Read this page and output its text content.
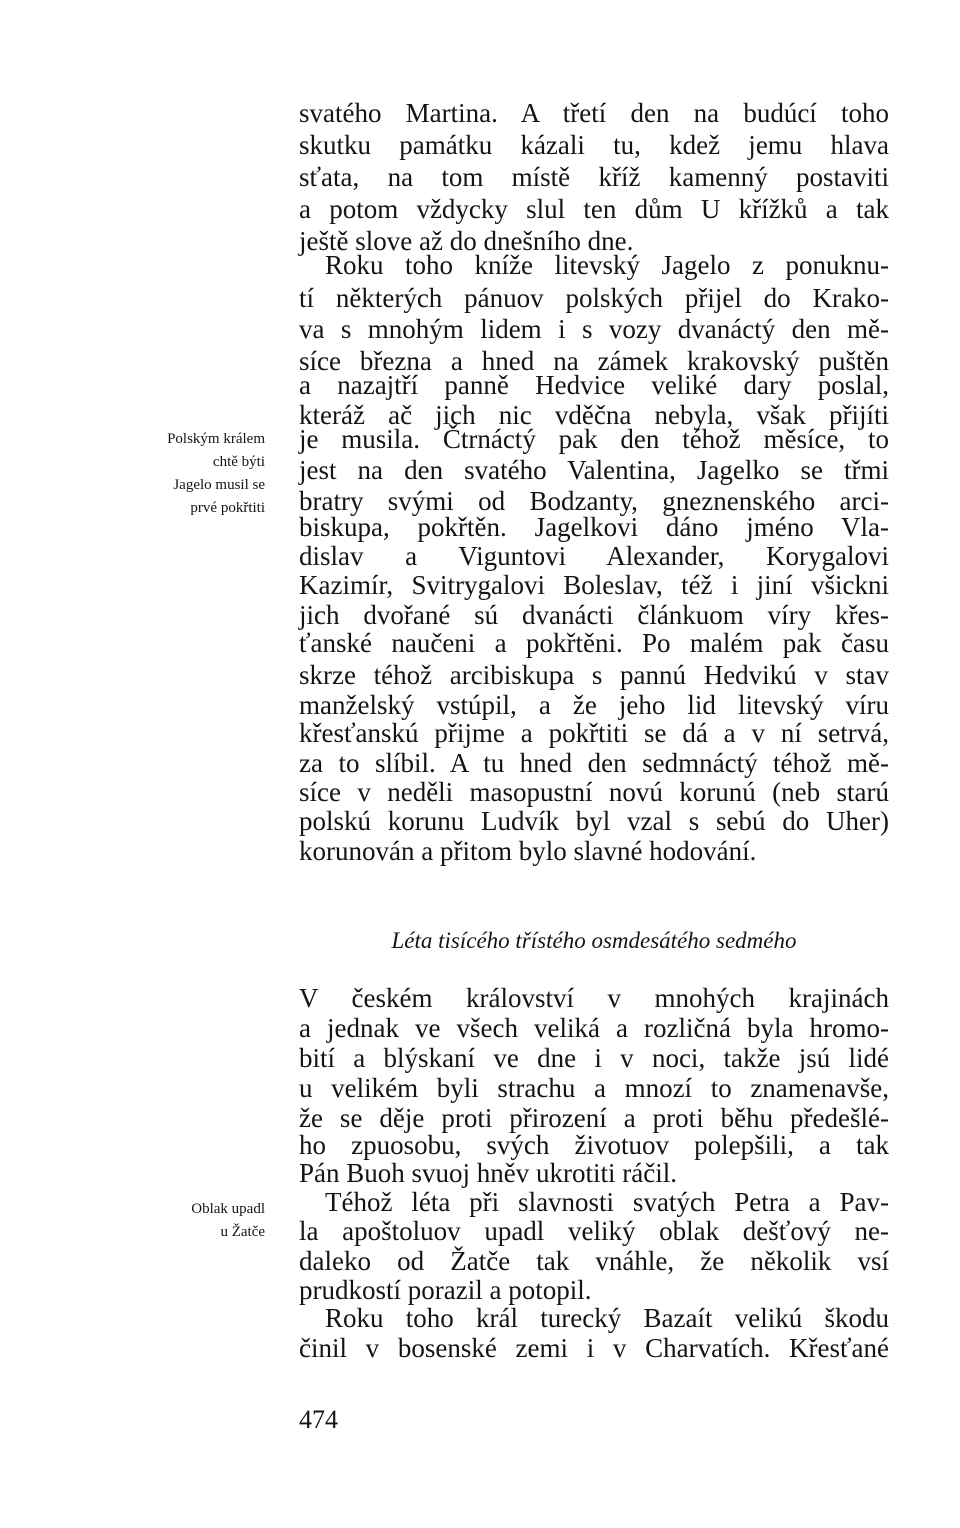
svatého Martina. A třetí den na budúcí toho
skutku památku kázali tu, kdež jemu hlava
sťata, na tom místě kříž kamenný postaviti
a potom vždycky slul ten dům U křížků a tak
ještě slove až do dnešního dne.
Roku toho kníže litevský Jagelo z ponuknu-
tí některých pánuov polských přijel do Krako-
va s mnohým lidem i s vozy dvanáctý den mě-
síce března a hned na zámek krakovský puštěn
a nazajtří panně Hedvice veliké dary poslal,
kteráž ač jich nic vděčna nebyla, však přijíti
je musila. Čtrnáctý pak den téhož měsíce, to
jest na den svatého Valentina, Jagelko se třmi
bratry svými od Bodzanty, gneznenského arci-
biskupa, pokřtěn. Jagelkovi dáno jméno Vla-
dislav a Viguntovi Alexander, Korygalovi
Kazimír, Svitrygalovi Boleslav, též i jiní všickni
jich dvořané sú dvanácti článkuom víry křes-
ťanské naučeni a pokřtěni. Po malém pak času
skrze téhož arcibiskupa s pannú Hedvikú v stav
manželský vstúpil, a že jeho lid litevský víru
křesťanskú přijme a pokřtiti se dá a v ní setrvá,
za to slíbil. A tu hned den sedmnáctý téhož mě-
síce v neděli masopustní novú korunú (neb starú
polskú korunu Ludvík byl vzal s sebú do Uher)
korunován a přitom bylo slavné hodování.
Polským králem
chtě býti
Jagelo musil se
prvé pokřtiti
Léta tisícého třístého osmdesátého sedmého
V českém království v mnohých krajinách
a jednak ve všech veliká a rozličná byla hromo-
bití a blýskaní ve dne i v noci, takže jsú lidé
u velikém byli strachu a mnozí to znamenavše,
že se děje proti přirození a proti běhu předešlé-
ho zpuosobu, svých životuov polepšili, a tak
Pán Buoh svuoj hněv ukrotiti ráčil.
Téhož léta při slavnosti svatých Petra a Pav-
la apoštoluov upadl veliký oblak dešťový ne-
daleko od Žatče tak vnáhle, že několik vsí
prudkostí porazil a potopil.
Roku toho král turecký Bazaít velikú škodu
činil v bosenské zemi i v Charvatích. Křesťané
Oblak upadl
u Žatče
474
